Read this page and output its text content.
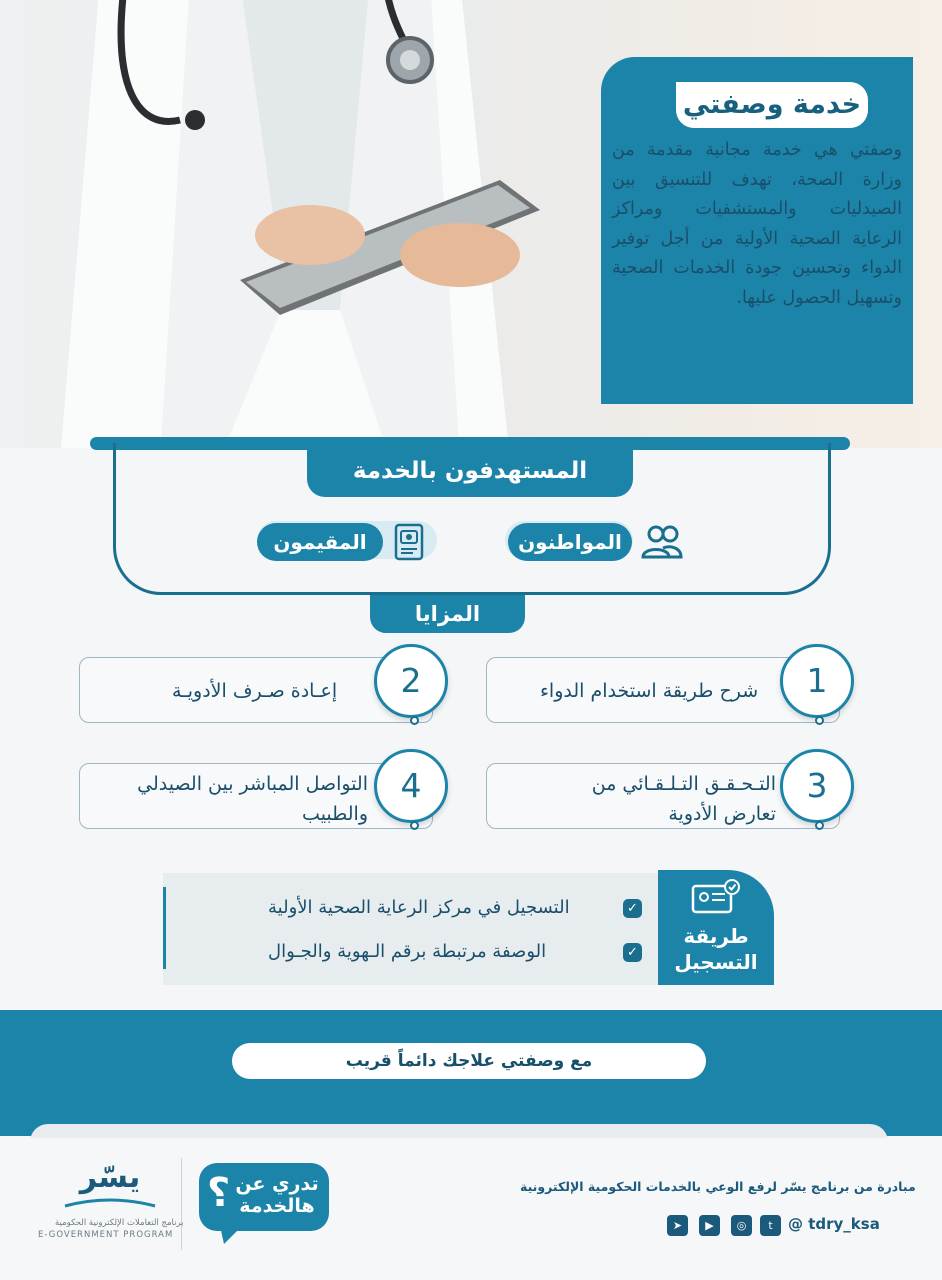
خدمة وصفتي
وصفتي هي خدمة مجانية مقدمة من وزارة الصحة، تهدف للتنسيق بين الصيدليات والمستشفيات ومراكز الرعاية الصحية الأولية من أجل توفير الدواء وتحسين جودة الخدمات الصحية وتسهيل الحصول عليها.
المستهدفون بالخدمة
المواطنون
المقيمون
المزايا
شرح طريقة استخدام الدواء	1
إعـادة صـرف الأدويـة	2
التـحـقـق التـلـقـائي من تعارض الأدوية
3
التواصل المباشر بين الصيدلي والطبيب
4
طريقة التسجيل
✓
التسجيل في مركز الرعاية الصحية الأولية
✓
الوصفة مرتبطة برقم الـهوية والجـوال
مع وصفتي علاجك دائماً قريب
مبادرة من برنامج يسّر لرفع الوعي بالخدمات الحكومية الإلكترونية
@ tdry_ksa
t
◎
▶
➤
تدري عن
هالخدمة
؟
يسّر
برنامج التعاملات الإلكترونية الحكومية
E-GOVERNMENT PROGRAM
